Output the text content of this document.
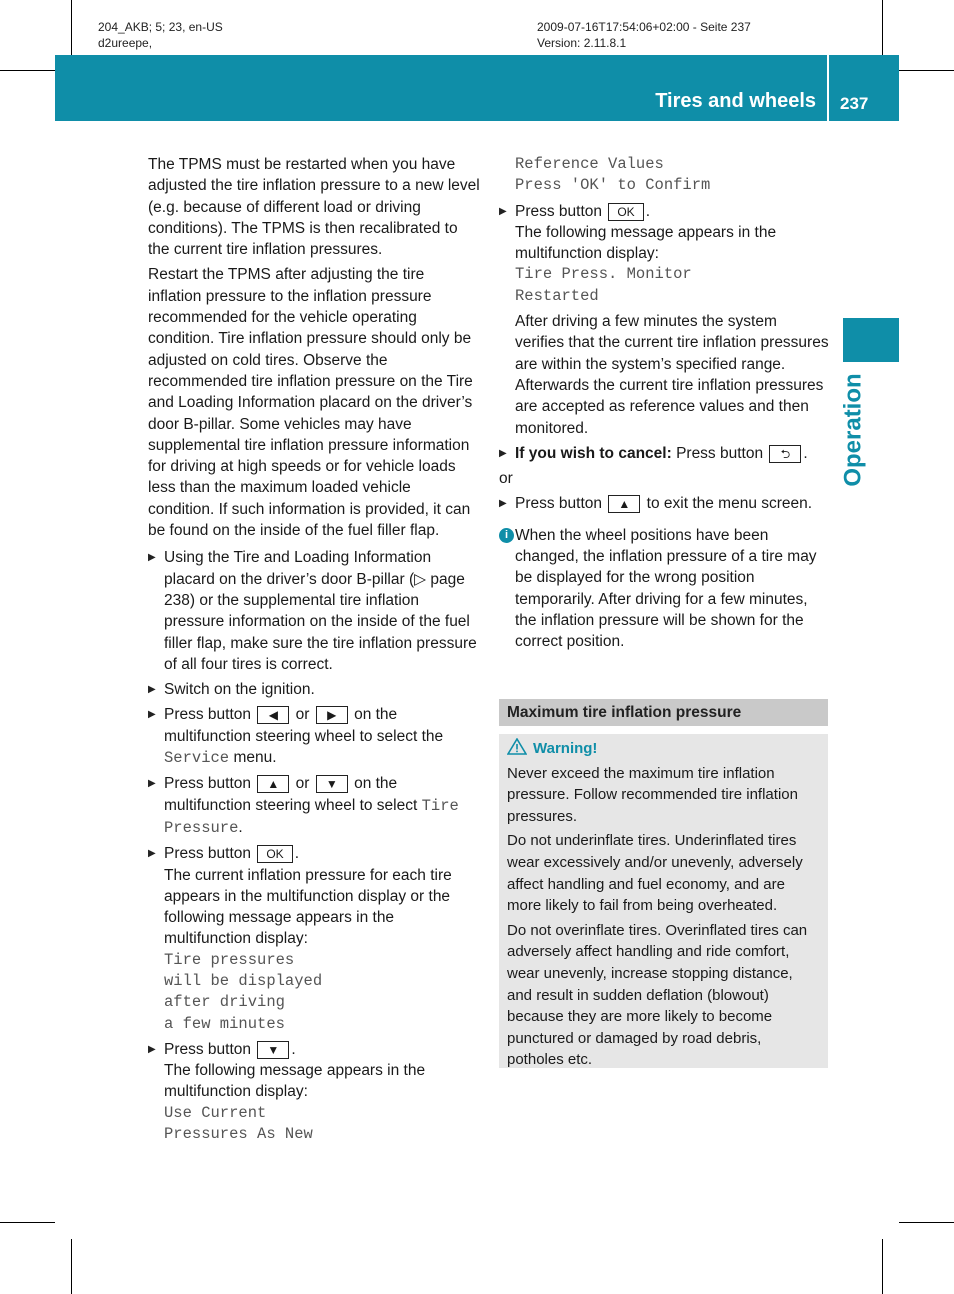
204_AKB; 5; 23, en-US
d2ureepe,
2009-07-16T17:54:06+02:00 - Seite 237
Version: 2.11.8.1
Tires and wheels 237
Operation

The TPMS must be restarted when you have adjusted the tire inflation pressure to a new level (e.g. because of different load or driving conditions). The TPMS is then recalibrated to the current tire inflation pressures.

Restart the TPMS after adjusting the tire inflation pressure to the inflation pressure recommended for the vehicle operating condition. Tire inflation pressure should only be adjusted on cold tires. Observe the recommended tire inflation pressure on the Tire and Loading Information placard on the driver’s door B-pillar. Some vehicles may have supplemental tire inflation pressure information for driving at high speeds or for vehicle loads less than the maximum loaded vehicle condition. If such information is provided, it can be found on the inside of the fuel filler flap.

▶ Using the Tire and Loading Information placard on the driver’s door B-pillar (▷ page 238) or the supplemental tire inflation pressure information on the inside of the fuel filler flap, make sure the tire inflation pressure of all four tires is correct.
▶ Switch on the ignition.
▶ Press button ◀ or ▶ on the multifunction steering wheel to select the Service menu.
▶ Press button ▲ or ▼ on the multifunction steering wheel to select Tire Pressure.
▶ Press button OK .
The current inflation pressure for each tire appears in the multifunction display or the following message appears in the multifunction display:
Tire pressures
will be displayed
after driving
a few minutes
▶ Press button ▼ .
The following message appears in the multifunction display:
Use Current
Pressures As New
Reference Values
Press 'OK' to Confirm
▶ Press button OK .
The following message appears in the multifunction display:
Tire Press. Monitor
Restarted
After driving a few minutes the system verifies that the current tire inflation pressures are within the system’s specified range. Afterwards the current tire inflation pressures are accepted as reference values and then monitored.
▶ If you wish to cancel: Press button ⮌ .
or
▶ Press button ▲ to exit the menu screen.
i When the wheel positions have been changed, the inflation pressure of a tire may be displayed for the wrong position temporarily. After driving for a few minutes, the inflation pressure will be shown for the correct position.
Maximum tire inflation pressure
Warning!

Never exceed the maximum tire inflation pressure. Follow recommended tire inflation pressures.

Do not underinflate tires. Underinflated tires wear excessively and/or unevenly, adversely affect handling and fuel economy, and are more likely to fail from being overheated.

Do not overinflate tires. Overinflated tires can adversely affect handling and ride comfort, wear unevenly, increase stopping distance, and result in sudden deflation (blowout) because they are more likely to become punctured or damaged by road debris, potholes etc.
